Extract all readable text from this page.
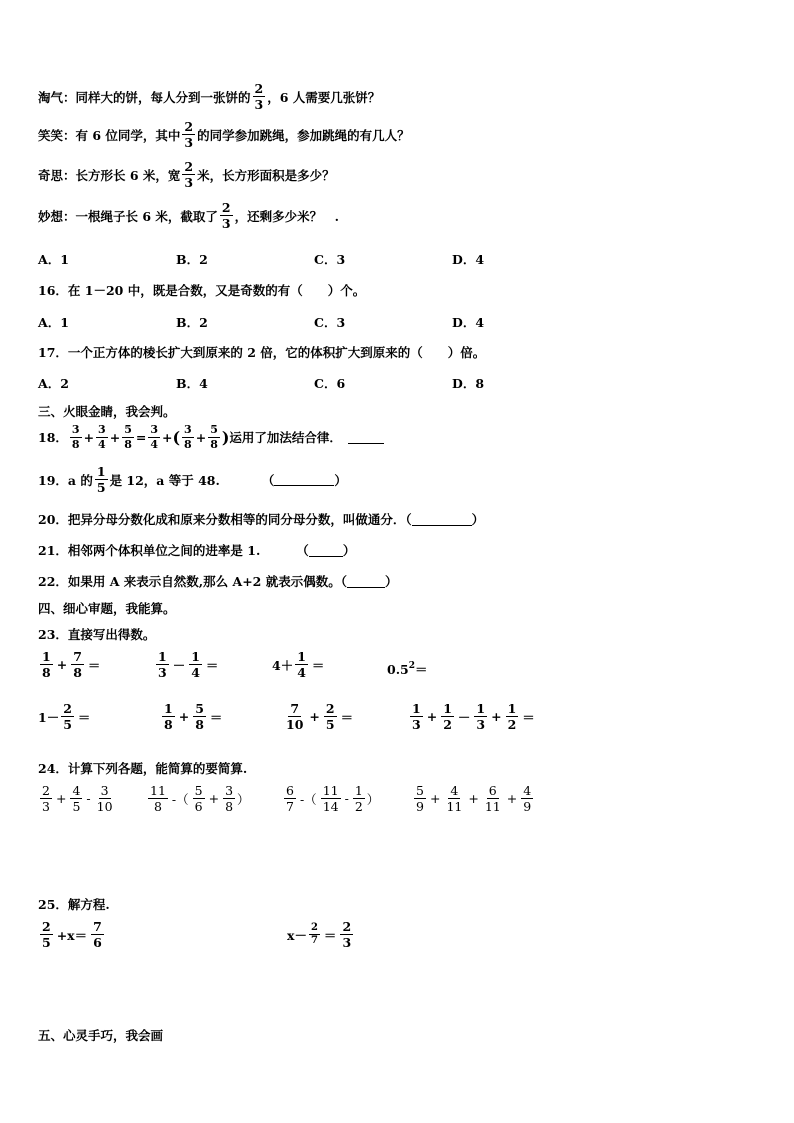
淘气：同样大的饼，每人分到一张饼的 $\frac{2}{3}$ ，6 人需要几张饼？
笑笑：有 6 位同学，其中 $\frac{2}{3}$ 的同学参加跳绳，参加跳绳的有几人？
奇思：长方形长 6 米，宽 $\frac{2}{3}$ 米，长方形面积是多少？
妙想：一根绳子长 6 米，截取了 $\frac{2}{3}$ ，还剩多少米？　.
A．1	B．2	C．3	D．4
16．在 1－20 中，既是合数，又是奇数的有（　　）个。
A．1	B．2	C．3	D．4
17．一个正方体的棱长扩大到原来的 2 倍，它的体积扩大到原来的（　　）倍。
A．2	B．4	C．6	D．8
三、火眼金睛，我会判。
18． $\frac{3}{8} + \frac{3}{4} + \frac{5}{8} = \frac{3}{4}$ + ( $\frac{3}{8} + \frac{5}{8}$ ) 运用了加法结合律．
19．a 的 $\frac{1}{5}$ 是 12，a 等于 48.	（	）
20．把异分母分数化成和原来分数相等的同分母分数，叫做通分．（	）
21．相邻两个体积单位之间的进率是 1.	（	）
22．如果用 A 来表示自然数,那么 A+2 就表示偶数。（	）
四、细心审题，我能算。
23．直接写出得数。
$\frac{1}{8} + \frac{7}{8}$ ＝	$\frac{1}{3} - \frac{1}{4}$ ＝	$4+ \frac{1}{4}$ ＝	$0.5^2$ ＝
$1- \frac{2}{5}$ ＝	$\frac{1}{8} + \frac{5}{8}$ ＝	$\frac{7}{10} + \frac{2}{5}$ ＝	$\frac{1}{3} + \frac{1}{2} - \frac{1}{3} + \frac{1}{2}$ ＝
24．计算下列各题，能简算的要简算.
$\frac{2}{3} + \frac{4}{5} - \frac{3}{10}$	$\frac{11}{8}$ -（ $\frac{5}{6} + \frac{3}{8}$ ）	$\frac{6}{7}$ -（ $\frac{11}{14} - \frac{1}{2}$ ）	$\frac{5}{9} + \frac{4}{11} + \frac{6}{11} + \frac{4}{9}$
25．解方程.
$\frac{2}{5} +x= \frac{7}{6}$	$x- \frac{2}{7} = \frac{2}{3}$
五、心灵手巧，我会画
